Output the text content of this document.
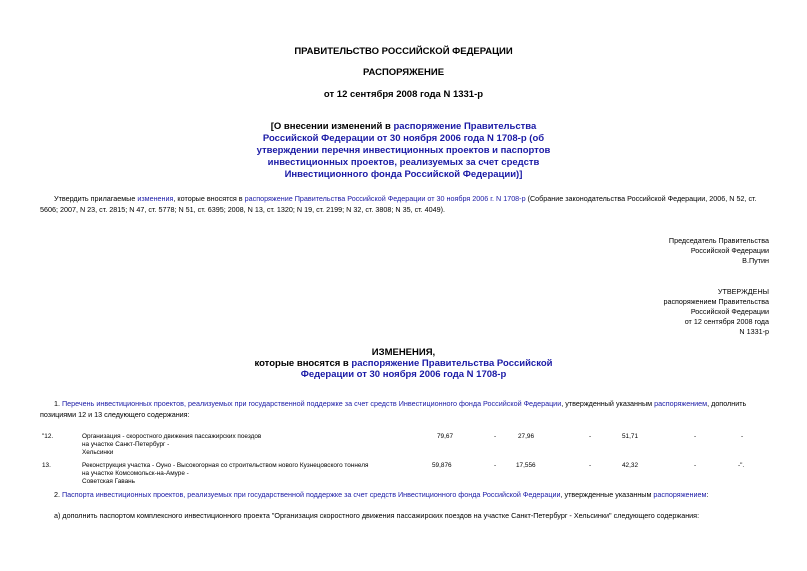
ПРАВИТЕЛЬСТВО РОССИЙСКОЙ ФЕДЕРАЦИИ
РАСПОРЯЖЕНИЕ
от 12 сентября 2008 года N 1331-р
[О внесении изменений в распоряжение Правительства
Российской Федерации от 30 ноября 2006 года N 1708-р (об
утверждении перечня инвестиционных проектов и паспортов
инвестиционных проектов, реализуемых за счет средств
Инвестиционного фонда Российской Федерации)]
Утвердить прилагаемые изменения, которые вносятся в распоряжение Правительства Российской Федерации от 30 ноября 2006 г. N 1708-р (Собрание законодательства Российской Федерации, 2006, N 52, ст.
5606; 2007, N 23, ст. 2815; N 47, ст. 5778; N 51, ст. 6395; 2008, N 13, ст. 1320; N 19, ст. 2199; N 32, ст. 3808; N 35, ст. 4049).
Председатель Правительства
Российской Федерации
В.Путин
УТВЕРЖДЕНЫ
распоряжением Правительства
Российской Федерации
от 12 сентября 2008 года
N 1331-р
ИЗМЕНЕНИЯ,
которые вносятся в распоряжение Правительства Российской
Федерации от 30 ноября 2006 года N 1708-р
1. Перечень инвестиционных проектов, реализуемых при государственной поддержке за счет средств Инвестиционного фонда Российской Федерации, утвержденный указанным распоряжением, дополнить
позициями 12 и 13 следующего содержания:
"12.	Организация - скоростного движения пассажирских поездов
на участке Санкт-Петербург -
Хельсинки
79,67	-	27,96	-	51,71	-	-
13.	Реконструкция участка - Оуно - Высокогорная со строительством нового Кузнецовского тоннеля
на участке Комсомольск-на-Амуре -
Советская Гавань
59,876	-	17,556	-	42,32	-	-".
2. Паспорта инвестиционных проектов, реализуемых при государственной поддержке за счет средств Инвестиционного фонда Российской Федерации, утвержденные указанным распоряжением:
а) дополнить паспортом комплексного инвестиционного проекта "Организация скоростного движения пассажирских поездов на участке Санкт-Петербург - Хельсинки" следующего содержания:
